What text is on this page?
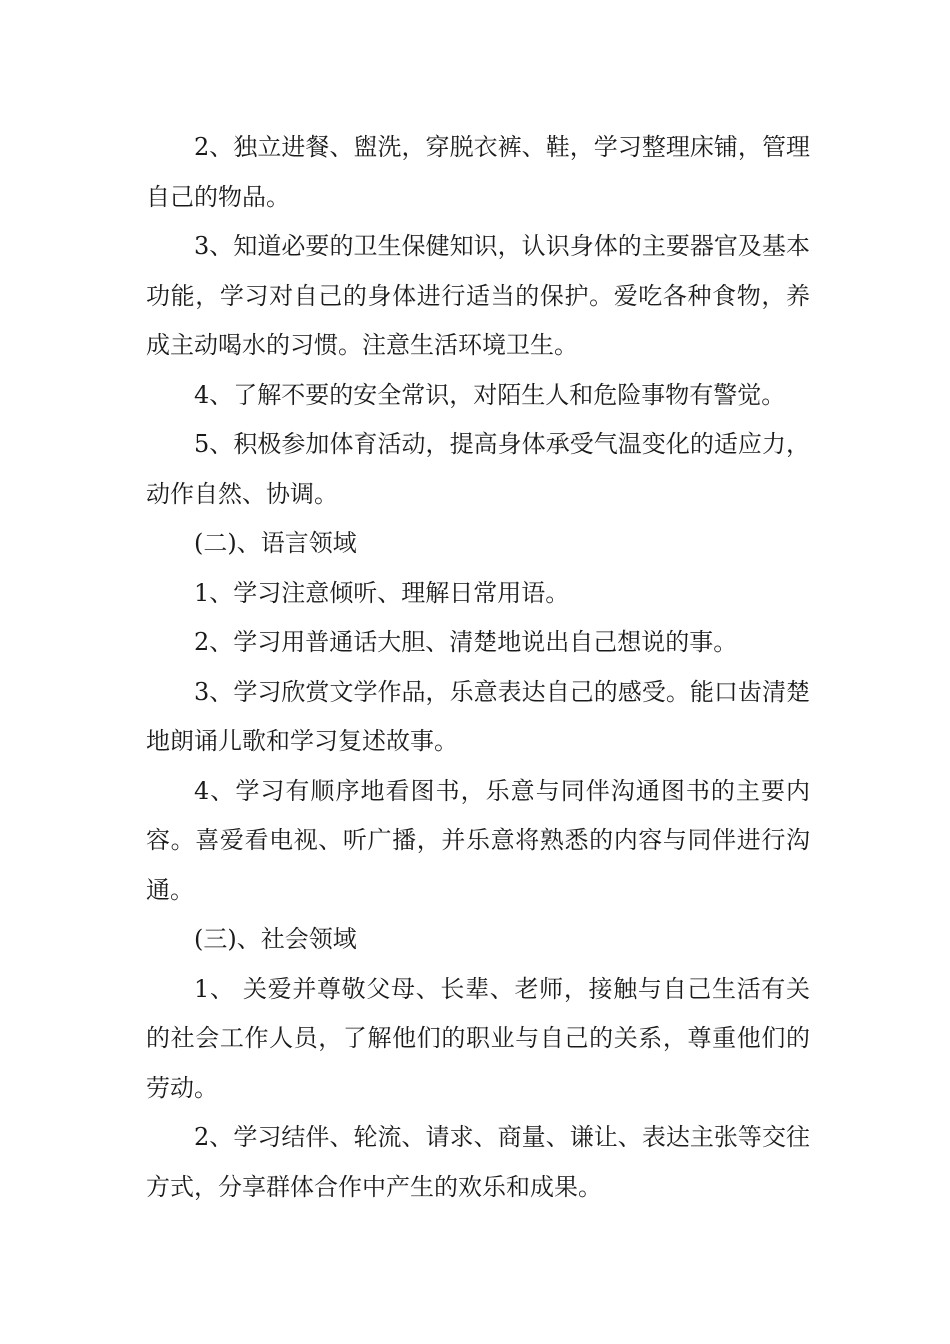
2、独立进餐、盥洗，穿脱衣裤、鞋，学习整理床铺，管理自己的物品。

3、知道必要的卫生保健知识，认识身体的主要器官及基本功能，学习对自己的身体进行适当的保护。爱吃各种食物，养成主动喝水的习惯。注意生活环境卫生。

4、了解不要的安全常识，对陌生人和危险事物有警觉。

5、积极参加体育活动，提高身体承受气温变化的适应力，动作自然、协调。

(二)、语言领域

1、学习注意倾听、理解日常用语。

2、学习用普通话大胆、清楚地说出自己想说的事。

3、学习欣赏文学作品，乐意表达自己的感受。能口齿清楚地朗诵儿歌和学习复述故事。

4、学习有顺序地看图书，乐意与同伴沟通图书的主要内容。喜爱看电视、听广播，并乐意将熟悉的内容与同伴进行沟通。

(三)、社会领域

1、 关爱并尊敬父母、长辈、老师，接触与自己生活有关的社会工作人员，了解他们的职业与自己的关系，尊重他们的劳动。

2、学习结伴、轮流、请求、商量、谦让、表达主张等交往方式，分享群体合作中产生的欢乐和成果。
